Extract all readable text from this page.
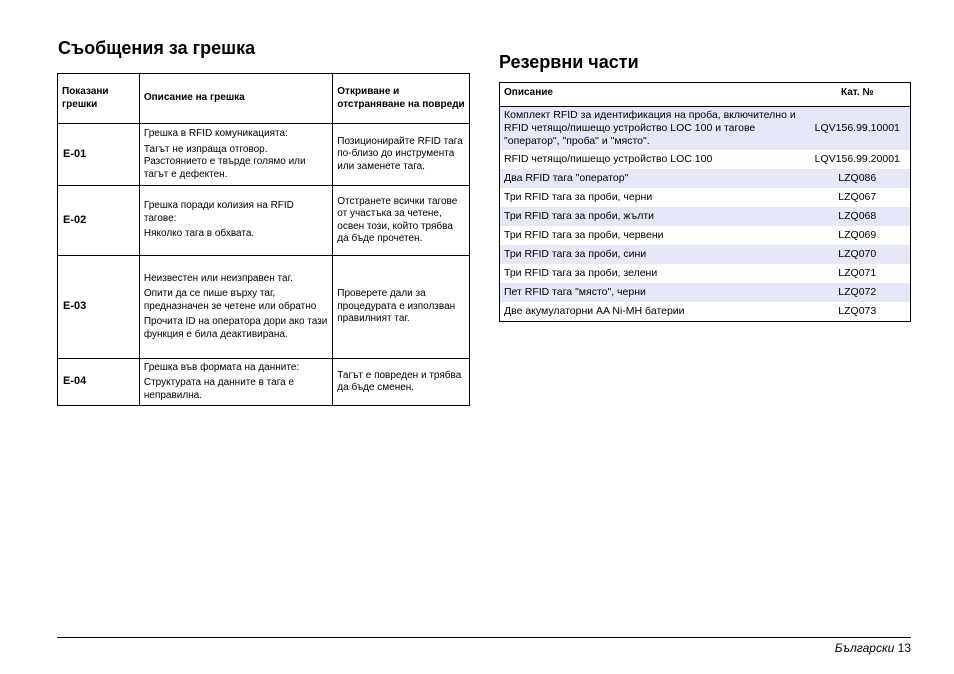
Съобщения за грешка
Показани грешки	Описание на грешка	Откриване и отстраняване на повреди
E-01	Грешка в RFID комуникацията:

Тагът не изпраща отговор. Разстоянието е твърде голямо или тагът е дефектен.	Позиционирайте RFID тага по-близо до инструмента или заменете тага.
E-02	Грешка поради колизия на RFID тагове:

Няколко тага в обхвата.	Отстранете всички тагове от участъка за четене, освен този, който трябва да бъде прочетен.
E-03	Неизвестен или неизправен таг.

Опити да се пише върху таг, предназначен зе четене или обратно

Прочита ID на оператора дори ако тази функция е била деактивирана.	Проверете дали за процедурата е използван правилният таг.
E-04	Грешка във формата на данните:

Структурата на данните в тага е неправилна.	Тагът е повреден и трябва да бъде сменен.
Резервни части
Описание	Кат. №
Комплект RFID за идентификация на проба, включително и RFID четящо/пишещо устройство LOC 100 и тагове "оператор", "проба" и "място".	LQV156.99.10001
RFID четящо/пишещо устройство LOC 100	LQV156.99.20001
Два RFID тага "оператор"	LZQ086
Три RFID тага за проби, черни	LZQ067
Три RFID тага за проби, жълти	LZQ068
Три RFID тага за проби, червени	LZQ069
Три RFID тага за проби, сини	LZQ070
Три RFID тага за проби, зелени	LZQ071
Пет RFID тага "място", черни	LZQ072
Две акумулаторни AA Ni-MH батерии	LZQ073
Български 13
